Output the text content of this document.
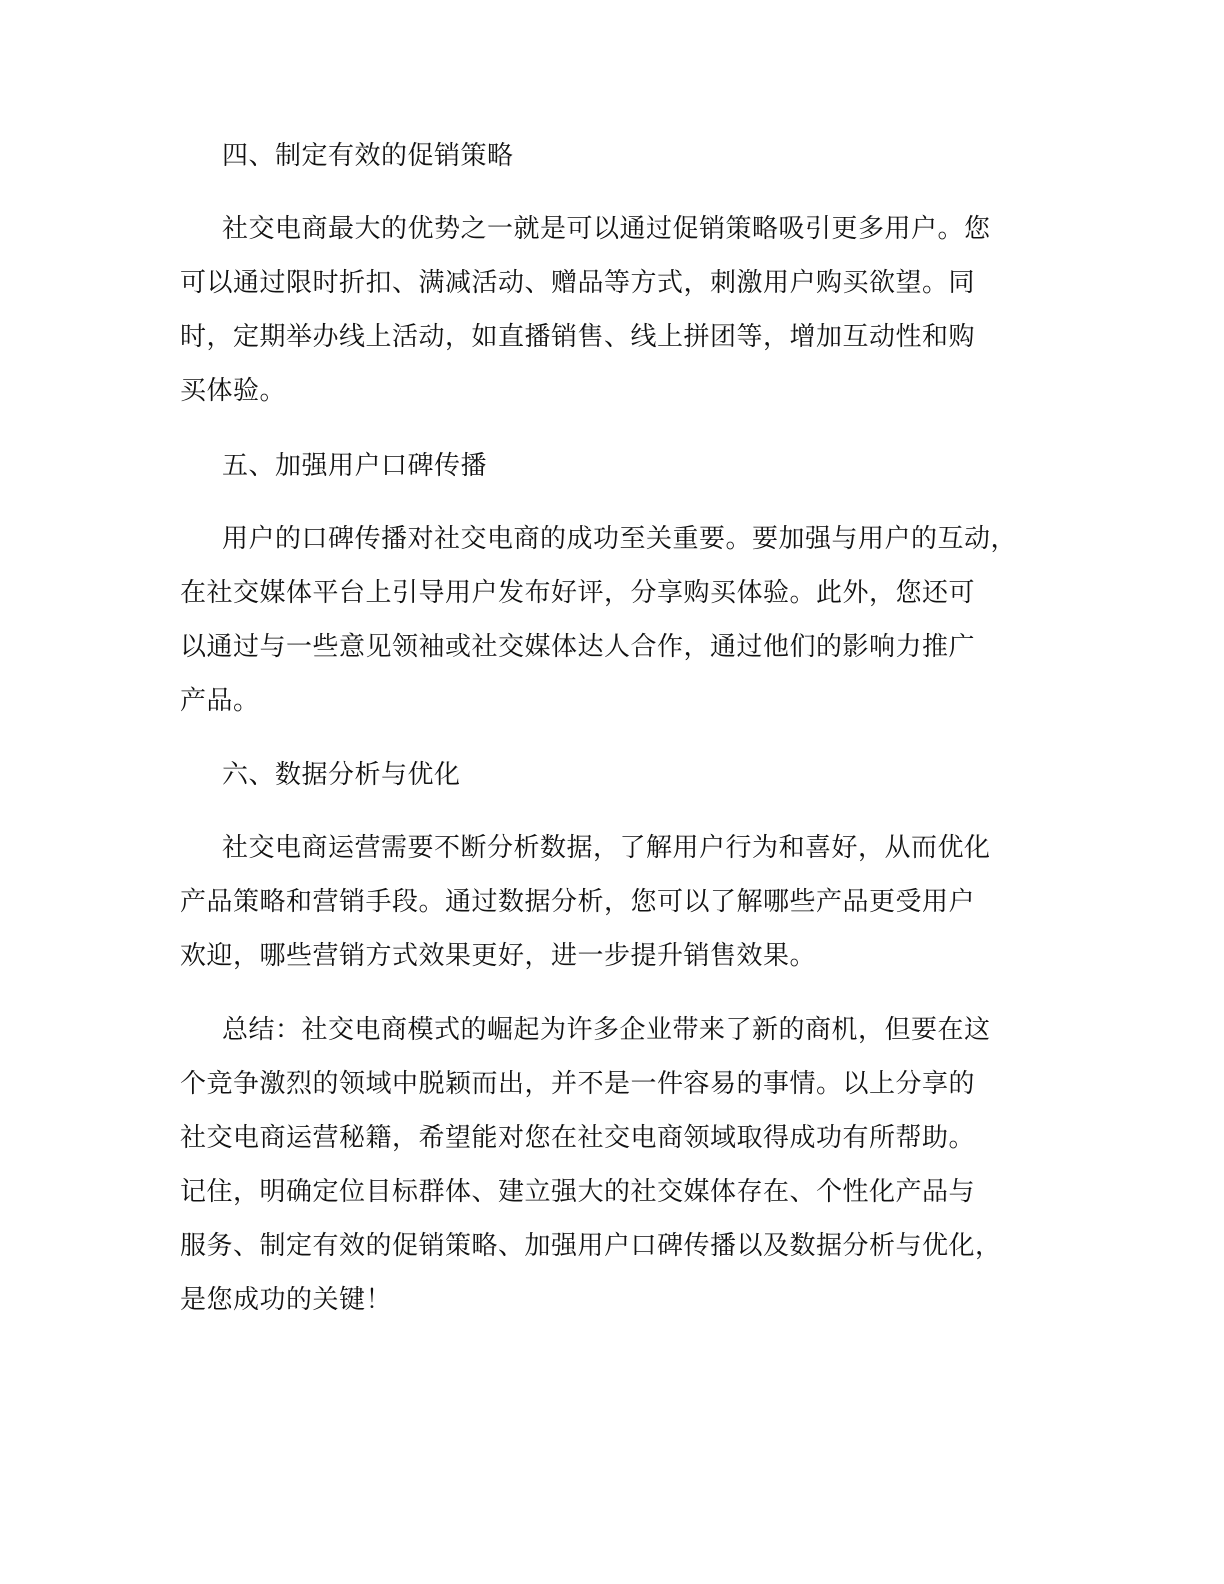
四、制定有效的促销策略
社交电商最大的优势之一就是可以通过促销策略吸引更多用户。您
可以通过限时折扣、满减活动、赠品等方式，刺激用户购买欲望。同
时，定期举办线上活动，如直播销售、线上拼团等，增加互动性和购
买体验。
五、加强用户口碑传播
用户的口碑传播对社交电商的成功至关重要。要加强与用户的互动，
在社交媒体平台上引导用户发布好评，分享购买体验。此外，您还可
以通过与一些意见领袖或社交媒体达人合作，通过他们的影响力推广
产品。
六、数据分析与优化
社交电商运营需要不断分析数据，了解用户行为和喜好，从而优化
产品策略和营销手段。通过数据分析，您可以了解哪些产品更受用户
欢迎，哪些营销方式效果更好，进一步提升销售效果。
总结：社交电商模式的崛起为许多企业带来了新的商机，但要在这
个竞争激烈的领域中脱颖而出，并不是一件容易的事情。以上分享的
社交电商运营秘籍，希望能对您在社交电商领域取得成功有所帮助。
记住，明确定位目标群体、建立强大的社交媒体存在、个性化产品与
服务、制定有效的促销策略、加强用户口碑传播以及数据分析与优化，
是您成功的关键！
